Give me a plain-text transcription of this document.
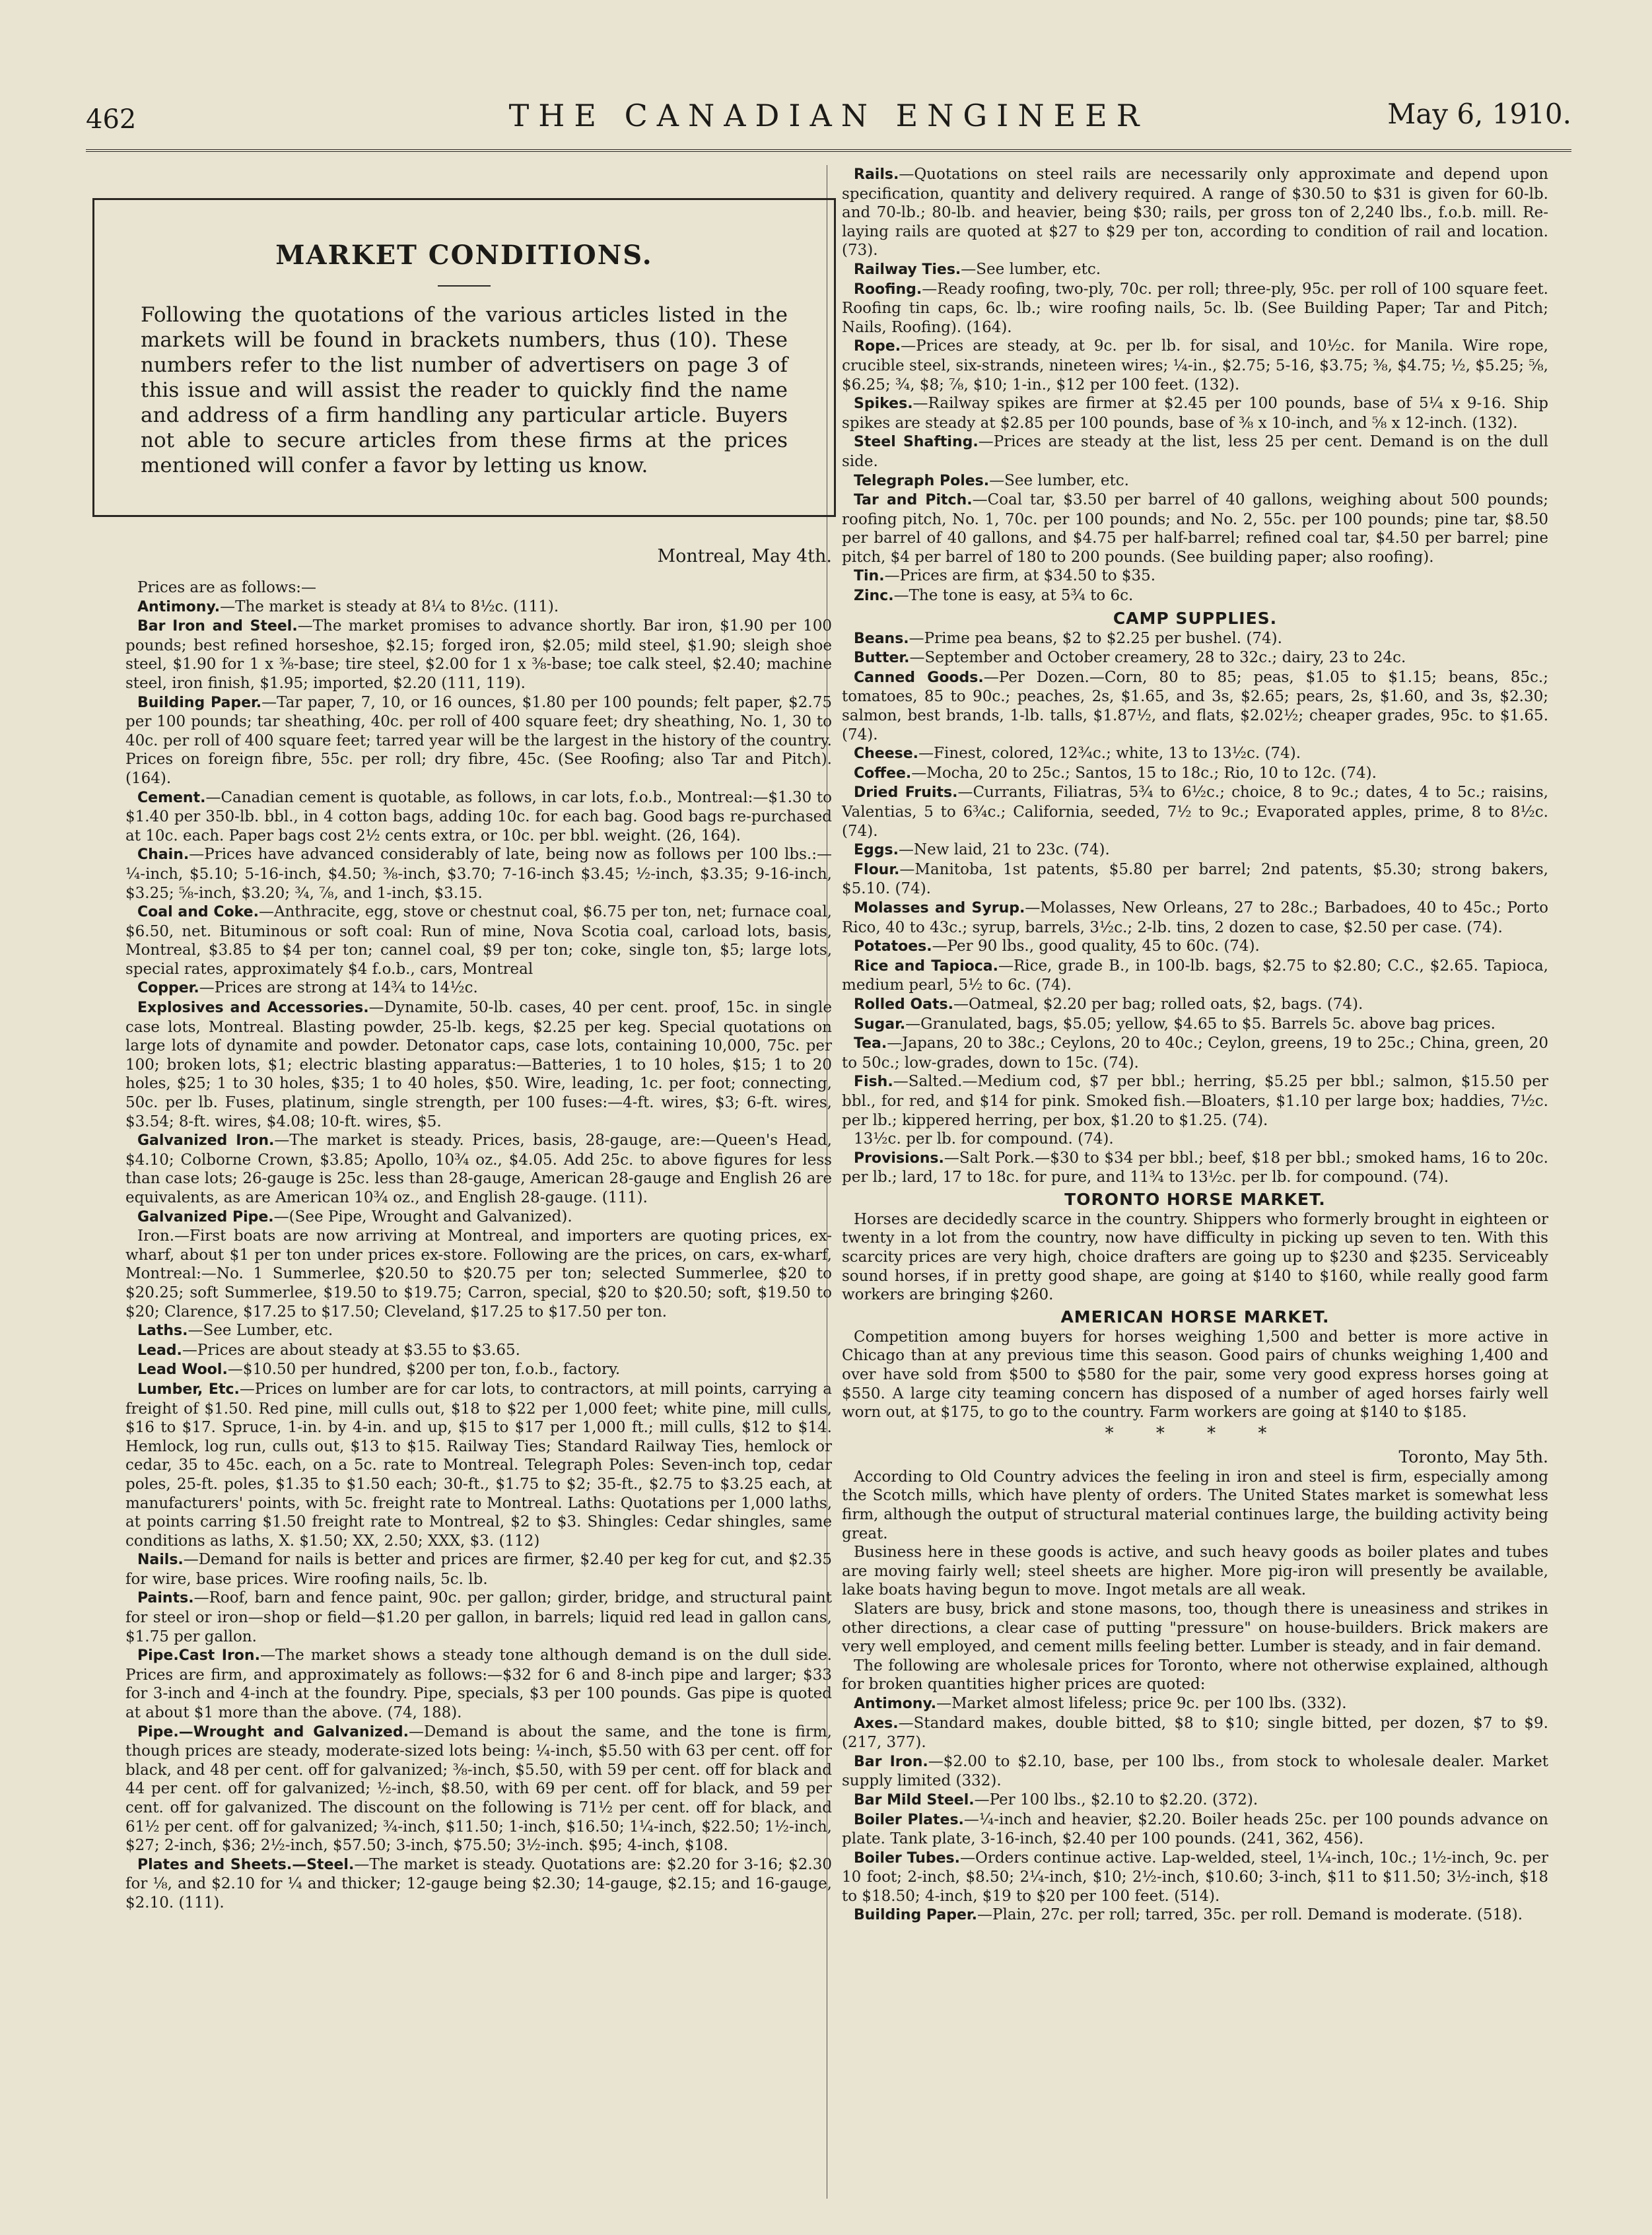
462	THE CANADIAN ENGINEER	May 6, 1910.
MARKET CONDITIONS.

Following the quotations of the various articles listed in the markets will be found in brackets numbers, thus (10). These numbers refer to the list number of advertisers on page 3 of this issue and will assist the reader to quickly find the name and address of a firm handling any particular article. Buyers not able to secure articles from these firms at the prices mentioned will confer a favor by letting us know.

Montreal, May 4th.

Prices are as follows:—

Antimony.—The market is steady at 8¼ to 8½c. (111).

Bar Iron and Steel.—The market promises to advance shortly. Bar iron, $1.90 per 100 pounds; best refined horseshoe, $2.15; forged iron, $2.05; mild steel, $1.90; sleigh shoe steel, $1.90 for 1 x ⅜-base; tire steel, $2.00 for 1 x ⅜-base; toe calk steel, $2.40; machine steel, iron finish, $1.95; imported, $2.20 (111, 119).

Building Paper.—Tar paper, 7, 10, or 16 ounces, $1.80 per 100 pounds; felt paper, $2.75 per 100 pounds; tar sheathing, 40c. per roll of 400 square feet; dry sheathing, No. 1, 30 to 40c. per roll of 400 square feet; tarred year will be the largest in the history of the country. Prices on foreign fibre, 55c. per roll; dry fibre, 45c. (See Roofing; also Tar and Pitch). (164).

Cement.—Canadian cement is quotable, as follows, in car lots, f.o.b., Montreal:—$1.30 to $1.40 per 350-lb. bbl., in 4 cotton bags, adding 10c. for each bag. Good bags re-purchased at 10c. each. Paper bags cost 2½ cents extra, or 10c. per bbl. weight. (26, 164).

Chain.—Prices have advanced considerably of late, being now as follows per 100 lbs.:—¼-inch, $5.10; 5-16-inch, $4.50; ⅜-inch, $3.70; 7-16-inch $3.45; ½-inch, $3.35; 9-16-inch, $3.25; ⅝-inch, $3.20; ¾, ⅞, and 1-inch, $3.15.

Coal and Coke.—Anthracite, egg, stove or chestnut coal, $6.75 per ton, net; furnace coal, $6.50, net. Bituminous or soft coal: Run of mine, Nova Scotia coal, carload lots, basis, Montreal, $3.85 to $4 per ton; cannel coal, $9 per ton; coke, single ton, $5; large lots, special rates, approximately $4 f.o.b., cars, Montreal

Copper.—Prices are strong at 14¾ to 14½c.

Explosives and Accessories.—Dynamite, 50-lb. cases, 40 per cent. proof, 15c. in single case lots, Montreal. Blasting powder, 25-lb. kegs, $2.25 per keg. Special quotations on large lots of dynamite and powder. Detonator caps, case lots, containing 10,000, 75c. per 100; broken lots, $1; electric blasting apparatus:—Batteries, 1 to 10 holes, $15; 1 to 20 holes, $25; 1 to 30 holes, $35; 1 to 40 holes, $50. Wire, leading, 1c. per foot; connecting, 50c. per lb. Fuses, platinum, single strength, per 100 fuses:—4-ft. wires, $3; 6-ft. wires, $3.54; 8-ft. wires, $4.08; 10-ft. wires, $5.

Galvanized Iron.—The market is steady. Prices, basis, 28-gauge, are:—Queen's Head, $4.10; Colborne Crown, $3.85; Apollo, 10¾ oz., $4.05. Add 25c. to above figures for less than case lots; 26-gauge is 25c. less than 28-gauge, American 28-gauge and English 26 are equivalents, as are American 10¾ oz., and English 28-gauge. (111).

Galvanized Pipe.—(See Pipe, Wrought and Galvanized).

Iron.—First boats are now arriving at Montreal, and importers are quoting prices, ex-wharf, about $1 per ton under prices ex-store. Following are the prices, on cars, ex-wharf, Montreal:—No. 1 Summerlee, $20.50 to $20.75 per ton; selected Summerlee, $20 to $20.25; soft Summerlee, $19.50 to $19.75; Carron, special, $20 to $20.50; soft, $19.50 to $20; Clarence, $17.25 to $17.50; Cleveland, $17.25 to $17.50 per ton.

Laths.—See Lumber, etc.

Lead.—Prices are about steady at $3.55 to $3.65.

Lead Wool.—$10.50 per hundred, $200 per ton, f.o.b., factory.

Lumber, Etc.—Prices on lumber are for car lots, to contractors, at mill points, carrying a freight of $1.50. Red pine, mill culls out, $18 to $22 per 1,000 feet; white pine, mill culls, $16 to $17. Spruce, 1-in. by 4-in. and up, $15 to $17 per 1,000 ft.; mill culls, $12 to $14. Hemlock, log run, culls out, $13 to $15. Railway Ties; Standard Railway Ties, hemlock or cedar, 35 to 45c. each, on a 5c. rate to Montreal. Telegraph Poles: Seven-inch top, cedar poles, 25-ft. poles, $1.35 to $1.50 each; 30-ft., $1.75 to $2; 35-ft., $2.75 to $3.25 each, at manufacturers' points, with 5c. freight rate to Montreal. Laths: Quotations per 1,000 laths, at points carring $1.50 freight rate to Montreal, $2 to $3. Shingles: Cedar shingles, same conditions as laths, X. $1.50; XX, 2.50; XXX, $3. (112)

Nails.—Demand for nails is better and prices are firmer, $2.40 per keg for cut, and $2.35 for wire, base prices. Wire roofing nails, 5c. lb.

Paints.—Roof, barn and fence paint, 90c. per gallon; girder, bridge, and structural paint for steel or iron—shop or field—$1.20 per gallon, in barrels; liquid red lead in gallon cans, $1.75 per gallon.

Pipe.Cast Iron.—The market shows a steady tone although demand is on the dull side. Prices are firm, and approximately as follows:—$32 for 6 and 8-inch pipe and larger; $33 for 3-inch and 4-inch at the foundry. Pipe, specials, $3 per 100 pounds. Gas pipe is quoted at about $1 more than the above. (74, 188).

Pipe.—Wrought and Galvanized.—Demand is about the same, and the tone is firm, though prices are steady, moderate-sized lots being: ¼-inch, $5.50 with 63 per cent. off for black, and 48 per cent. off for galvanized; ⅜-inch, $5.50, with 59 per cent. off for black and 44 per cent. off for galvanized; ½-inch, $8.50, with 69 per cent. off for black, and 59 per cent. off for galvanized. The discount on the following is 71½ per cent. off for black, and 61½ per cent. off for galvanized; ¾-inch, $11.50; 1-inch, $16.50; 1¼-inch, $22.50; 1½-inch, $27; 2-inch, $36; 2½-inch, $57.50; 3-inch, $75.50; 3½-inch. $95; 4-inch, $108.

Plates and Sheets.—Steel.—The market is steady. Quotations are: $2.20 for 3-16; $2.30 for ⅛, and $2.10 for ¼ and thicker; 12-gauge being $2.30; 14-gauge, $2.15; and 16-gauge, $2.10. (111).

Rails.—Quotations on steel rails are necessarily only approximate and depend upon specification, quantity and delivery required. A range of $30.50 to $31 is given for 60-lb. and 70-lb.; 80-lb. and heavier, being $30; rails, per gross ton of 2,240 lbs., f.o.b. mill. Re-laying rails are quoted at $27 to $29 per ton, according to condition of rail and location. (73).

Railway Ties.—See lumber, etc.

Roofing.—Ready roofing, two-ply, 70c. per roll; three-ply, 95c. per roll of 100 square feet. Roofing tin caps, 6c. lb.; wire roofing nails, 5c. lb. (See Building Paper; Tar and Pitch; Nails, Roofing). (164).

Rope.—Prices are steady, at 9c. per lb. for sisal, and 10½c. for Manila. Wire rope, crucible steel, six-strands, nineteen wires; ¼-in., $2.75; 5-16, $3.75; ⅜, $4.75; ½, $5.25; ⅝, $6.25; ¾, $8; ⅞, $10; 1-in., $12 per 100 feet. (132).

Spikes.—Railway spikes are firmer at $2.45 per 100 pounds, base of 5¼ x 9-16. Ship spikes are steady at $2.85 per 100 pounds, base of ⅜ x 10-inch, and ⅝ x 12-inch. (132).

Steel Shafting.—Prices are steady at the list, less 25 per cent. Demand is on the dull side.

Telegraph Poles.—See lumber, etc.

Tar and Pitch.—Coal tar, $3.50 per barrel of 40 gallons, weighing about 500 pounds; roofing pitch, No. 1, 70c. per 100 pounds; and No. 2, 55c. per 100 pounds; pine tar, $8.50 per barrel of 40 gallons, and $4.75 per half-barrel; refined coal tar, $4.50 per barrel; pine pitch, $4 per barrel of 180 to 200 pounds. (See building paper; also roofing).

Tin.—Prices are firm, at $34.50 to $35.

Zinc.—The tone is easy, at 5¾ to 6c.

CAMP SUPPLIES.

Beans.—Prime pea beans, $2 to $2.25 per bushel. (74).

Butter.—September and October creamery, 28 to 32c.; dairy, 23 to 24c.

Canned Goods.—Per Dozen.—Corn, 80 to 85; peas, $1.05 to $1.15; beans, 85c.; tomatoes, 85 to 90c.; peaches, 2s, $1.65, and 3s, $2.65; pears, 2s, $1.60, and 3s, $2.30; salmon, best brands, 1-lb. talls, $1.87½, and flats, $2.02½; cheaper grades, 95c. to $1.65. (74).

Cheese.—Finest, colored, 12¾c.; white, 13 to 13½c. (74).

Coffee.—Mocha, 20 to 25c.; Santos, 15 to 18c.; Rio, 10 to 12c. (74).

Dried Fruits.—Currants, Filiatras, 5¾ to 6½c.; choice, 8 to 9c.; dates, 4 to 5c.; raisins, Valentias, 5 to 6¾c.; California, seeded, 7½ to 9c.; Evaporated apples, prime, 8 to 8½c. (74).

Eggs.—New laid, 21 to 23c. (74).

Flour.—Manitoba, 1st patents, $5.80 per barrel; 2nd patents, $5.30; strong bakers, $5.10. (74).

Molasses and Syrup.—Molasses, New Orleans, 27 to 28c.; Barbadoes, 40 to 45c.; Porto Rico, 40 to 43c.; syrup, barrels, 3½c.; 2-lb. tins, 2 dozen to case, $2.50 per case. (74).

Potatoes.—Per 90 lbs., good quality, 45 to 60c. (74).

Rice and Tapioca.—Rice, grade B., in 100-lb. bags, $2.75 to $2.80; C.C., $2.65. Tapioca, medium pearl, 5½ to 6c. (74).

Rolled Oats.—Oatmeal, $2.20 per bag; rolled oats, $2, bags. (74).

Sugar.—Granulated, bags, $5.05; yellow, $4.65 to $5. Barrels 5c. above bag prices.

Tea.—Japans, 20 to 38c.; Ceylons, 20 to 40c.; Ceylon, greens, 19 to 25c.; China, green, 20 to 50c.; low-grades, down to 15c. (74).

Fish.—Salted.—Medium cod, $7 per bbl.; herring, $5.25 per bbl.; salmon, $15.50 per bbl., for red, and $14 for pink. Smoked fish.—Bloaters, $1.10 per large box; haddies, 7½c. per lb.; kippered herring, per box, $1.20 to $1.25. (74).

13½c. per lb. for compound. (74).

Provisions.—Salt Pork.—$30 to $34 per bbl.; beef, $18 per bbl.; smoked hams, 16 to 20c. per lb.; lard, 17 to 18c. for pure, and 11¾ to 13½c. per lb. for compound. (74).

TORONTO HORSE MARKET.

Horses are decidedly scarce in the country. Shippers who formerly brought in eighteen or twenty in a lot from the country, now have difficulty in picking up seven to ten. With this scarcity prices are very high, choice drafters are going up to $230 and $235. Serviceably sound horses, if in pretty good shape, are going at $140 to $160, while really good farm workers are bringing $260.

AMERICAN HORSE MARKET.

Competition among buyers for horses weighing 1,500 and better is more active in Chicago than at any previous time this season. Good pairs of chunks weighing 1,400 and over have sold from $500 to $580 for the pair, some very good express horses going at $550. A large city teaming concern has disposed of a number of aged horses fairly well worn out, at $175, to go to the country. Farm workers are going at $140 to $185.

* * * *
Toronto, May 5th.

According to Old Country advices the feeling in iron and steel is firm, especially among the Scotch mills, which have plenty of orders. The United States market is somewhat less firm, although the output of structural material continues large, the building activity being great.

Business here in these goods is active, and such heavy goods as boiler plates and tubes are moving fairly well; steel sheets are higher. More pig-iron will presently be available, lake boats having begun to move. Ingot metals are all weak.

Slaters are busy, brick and stone masons, too, though there is uneasiness and strikes in other directions, a clear case of putting "pressure" on house-builders. Brick makers are very well employed, and cement mills feeling better. Lumber is steady, and in fair demand.

The following are wholesale prices for Toronto, where not otherwise explained, although for broken quantities higher prices are quoted:

Antimony.—Market almost lifeless; price 9c. per 100 lbs. (332).

Axes.—Standard makes, double bitted, $8 to $10; single bitted, per dozen, $7 to $9. (217, 377).

Bar Iron.—$2.00 to $2.10, base, per 100 lbs., from stock to wholesale dealer. Market supply limited (332).

Bar Mild Steel.—Per 100 lbs., $2.10 to $2.20. (372).

Boiler Plates.—¼-inch and heavier, $2.20. Boiler heads 25c. per 100 pounds advance on plate. Tank plate, 3-16-inch, $2.40 per 100 pounds. (241, 362, 456).

Boiler Tubes.—Orders continue active. Lap-welded, steel, 1¼-inch, 10c.; 1½-inch, 9c. per 10 foot; 2-inch, $8.50; 2¼-inch, $10; 2½-inch, $10.60; 3-inch, $11 to $11.50; 3½-inch, $18 to $18.50; 4-inch, $19 to $20 per 100 feet. (514).

Building Paper.—Plain, 27c. per roll; tarred, 35c. per roll. Demand is moderate. (518).
